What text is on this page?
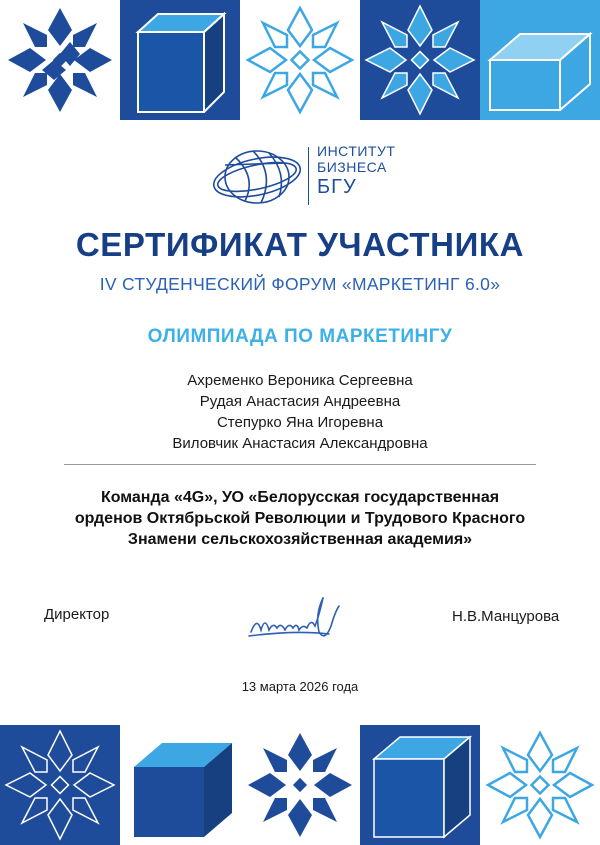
ИНСТИТУТ
БИЗНЕСА
БГУ
СЕРТИФИКАТ УЧАСТНИКА
IV СТУДЕНЧЕСКИЙ ФОРУМ «МАРКЕТИНГ 6.0»
ОЛИМПИАДА ПО МАРКЕТИНГУ
Ахременко Вероника Сергеевна
Рудая Анастасия Андреевна
Степурко Яна Игоревна
Виловчик Анастасия Александровна
Команда «4G», УО «Белорусская государственная
орденов Октябрьской Революции и Трудового Красного
Знамени сельскохозяйственная академия»
Директор	Н.В.Манцурова
13 марта 2026 года
